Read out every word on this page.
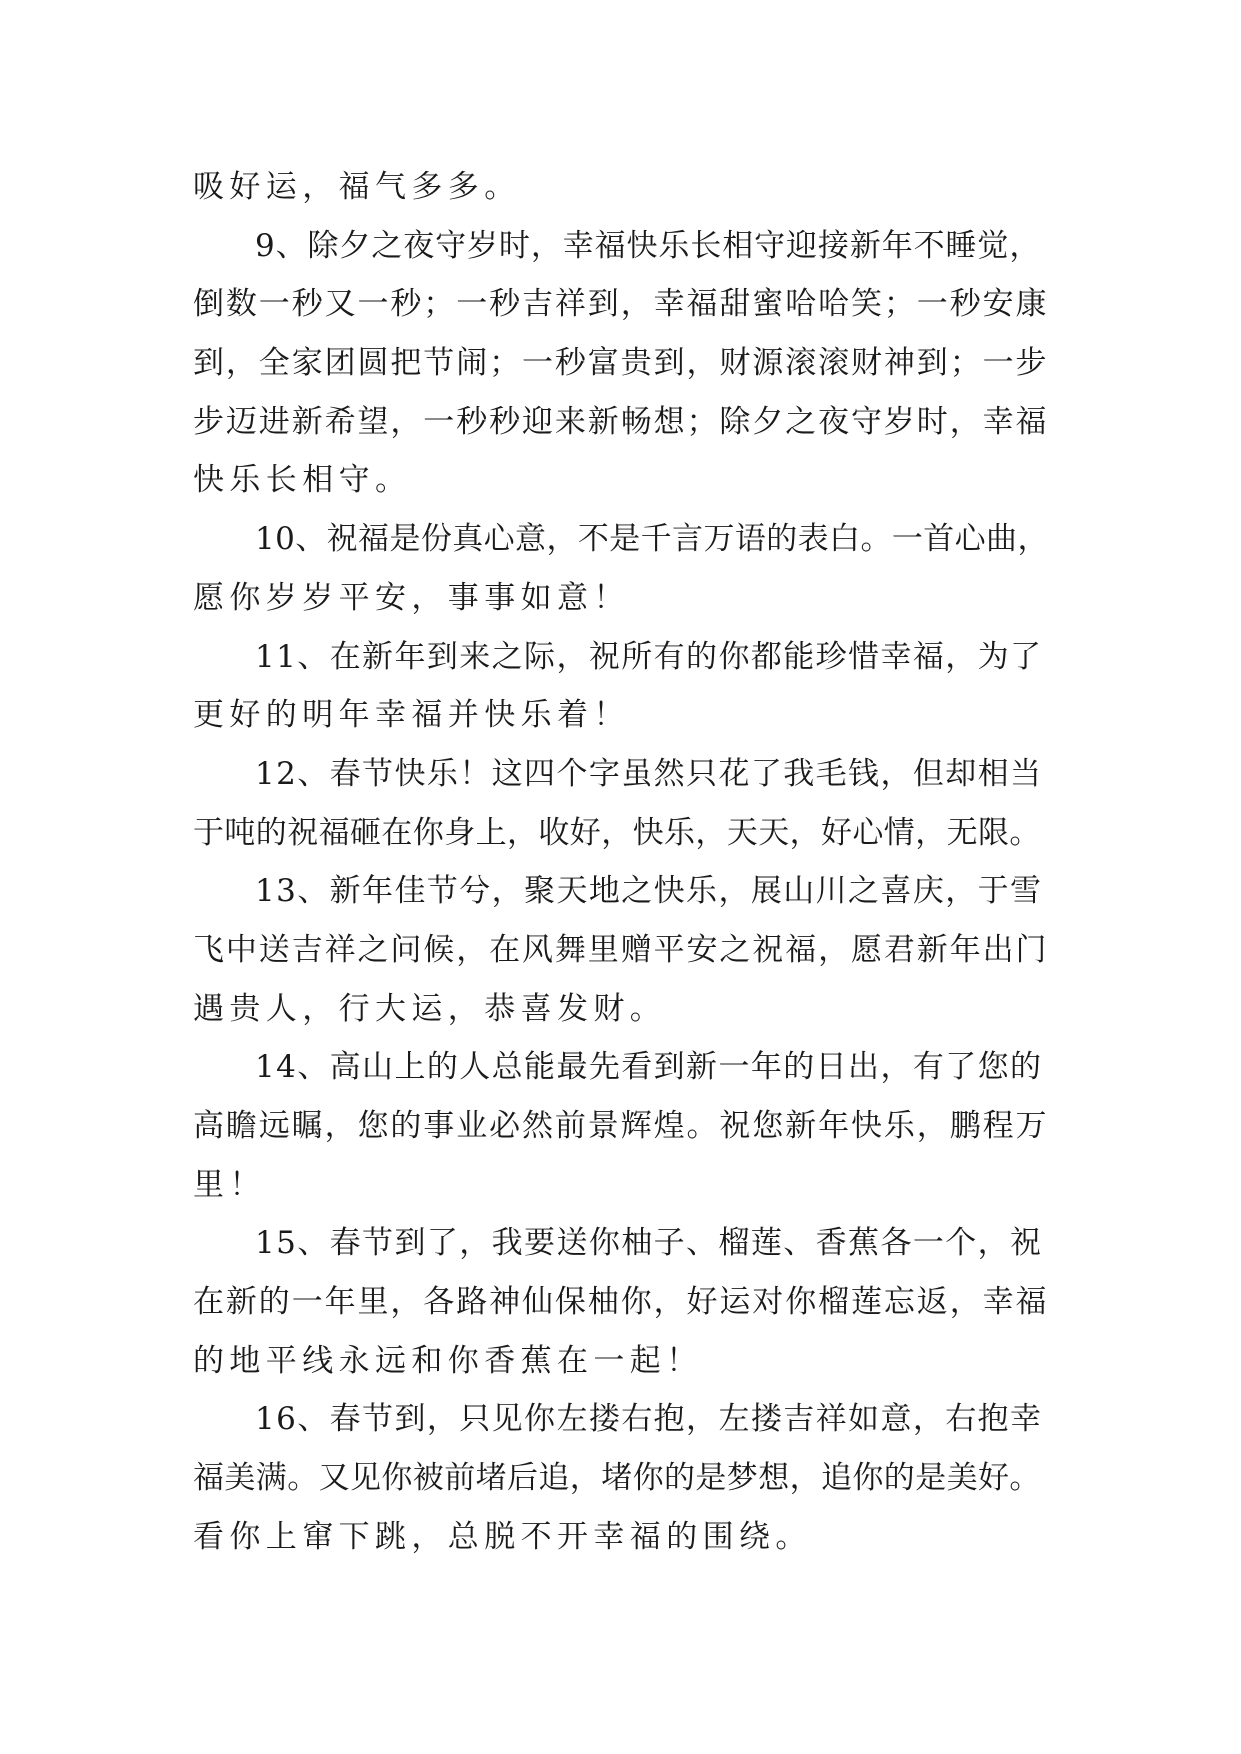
吸好运，福气多多。
9、除夕之夜守岁时，幸福快乐长相守迎接新年不睡觉，
倒数一秒又一秒；一秒吉祥到，幸福甜蜜哈哈笑；一秒安康
到，全家团圆把节闹；一秒富贵到，财源滚滚财神到；一步
步迈进新希望，一秒秒迎来新畅想；除夕之夜守岁时，幸福
快乐长相守。
10、祝福是份真心意，不是千言万语的表白。一首心曲，
愿你岁岁平安，事事如意！
11、在新年到来之际，祝所有的你都能珍惜幸福，为了
更好的明年幸福并快乐着！
12、春节快乐！这四个字虽然只花了我毛钱，但却相当
于吨的祝福砸在你身上，收好，快乐，天天，好心情，无限。
13、新年佳节兮，聚天地之快乐，展山川之喜庆，于雪
飞中送吉祥之问候，在风舞里赠平安之祝福，愿君新年出门
遇贵人，行大运，恭喜发财。
14、高山上的人总能最先看到新一年的日出，有了您的
高瞻远瞩，您的事业必然前景辉煌。祝您新年快乐，鹏程万
里！
15、春节到了，我要送你柚子、榴莲、香蕉各一个，祝
在新的一年里，各路神仙保柚你，好运对你榴莲忘返，幸福
的地平线永远和你香蕉在一起！
16、春节到，只见你左搂右抱，左搂吉祥如意，右抱幸
福美满。又见你被前堵后追，堵你的是梦想，追你的是美好。
看你上窜下跳，总脱不开幸福的围绕。
